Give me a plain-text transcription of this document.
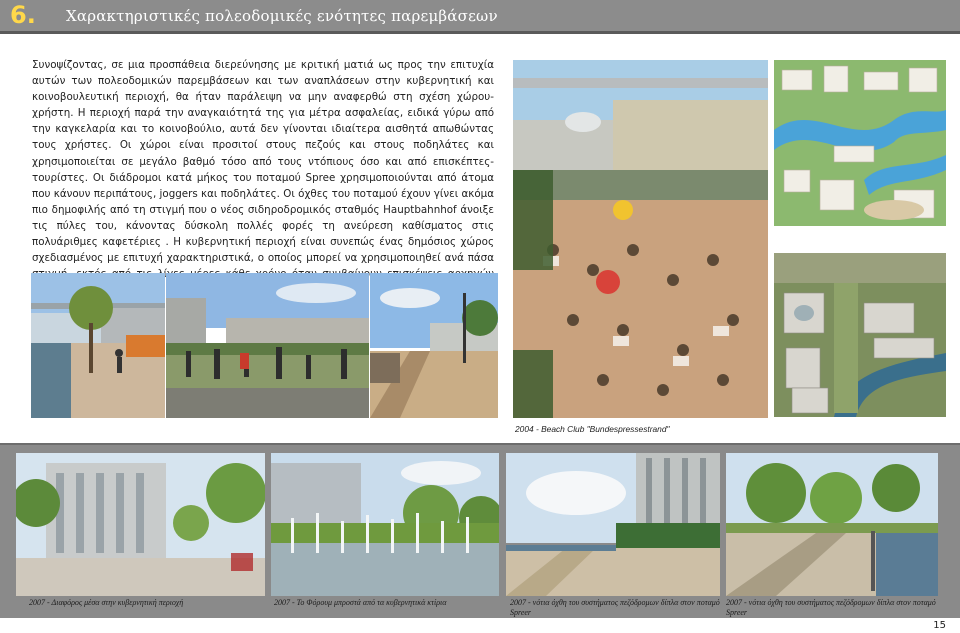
6. Χαρακτηριστικές πολεοδομικές ενότητες παρεμβάσεων

Συνοψίζοντας, σε μια προσπάθεια διερεύνησης με κριτική ματιά ως προς την επιτυχία αυτών των πολεοδομικών παρεμβάσεων και των αναπλάσεων στην κυβερνητική και κοινοβουλευτική περιοχή, θα ήταν παράλειψη να μην αναφερθώ στη σχέση χώρου-χρήστη. Η περιοχή παρά την αναγκαιότητά της για μέτρα ασφαλείας, ειδικά γύρω από την καγκελαρία και το κοινοβούλιο, αυτά δεν γίνονται ιδιαίτερα αισθητά απωθώντας τους χρήστες. Οι χώροι είναι προσιτοί στους πεζούς και στους ποδηλάτες και χρησιμοποιείται σε μεγάλο βαθμό τόσο από τους ντόπιους όσο και από επισκέπτες-τουρίστες. Οι διάδρομοι κατά μήκος του ποταμού Spree χρησιμοποιούνται από άτομα που κάνουν περιπάτους, joggers και ποδηλάτες. Οι όχθες του ποταμού έχουν γίνει ακόμα πιο δημοφιλής από τη στιγμή που ο νέος σιδηροδρομικός σταθμός Hauptbahnhof άνοιξε τις πύλες του, κάνοντας δύσκολη πολλές φορές τη ανεύρεση καθίσματος στις πολυάριθμες καφετέριες . Η κυβερνητική περιοχή είναι συνεπώς ένας δημόσιος χώρος σχεδιασμένος με επιτυχή χαρακτηριστικά, ο οποίος μπορεί να χρησιμοποιηθεί ανά πάσα

2004 - Beach Club "Bundespressestrand"
2007 - Διαφόρος μέσα στην κυβερνητική περιοχή	2007 - Το Φόρουμ μπροστά από τα κυβερνητικά κτίρια	2007 - νότια όχθη του συστήματος πεζόδρομων δίπλα στον ποταμό Spreer
2007 - νότια όχθη του συστήματος πεζόδρομων δίπλα στον ποταμό Spreer
15
